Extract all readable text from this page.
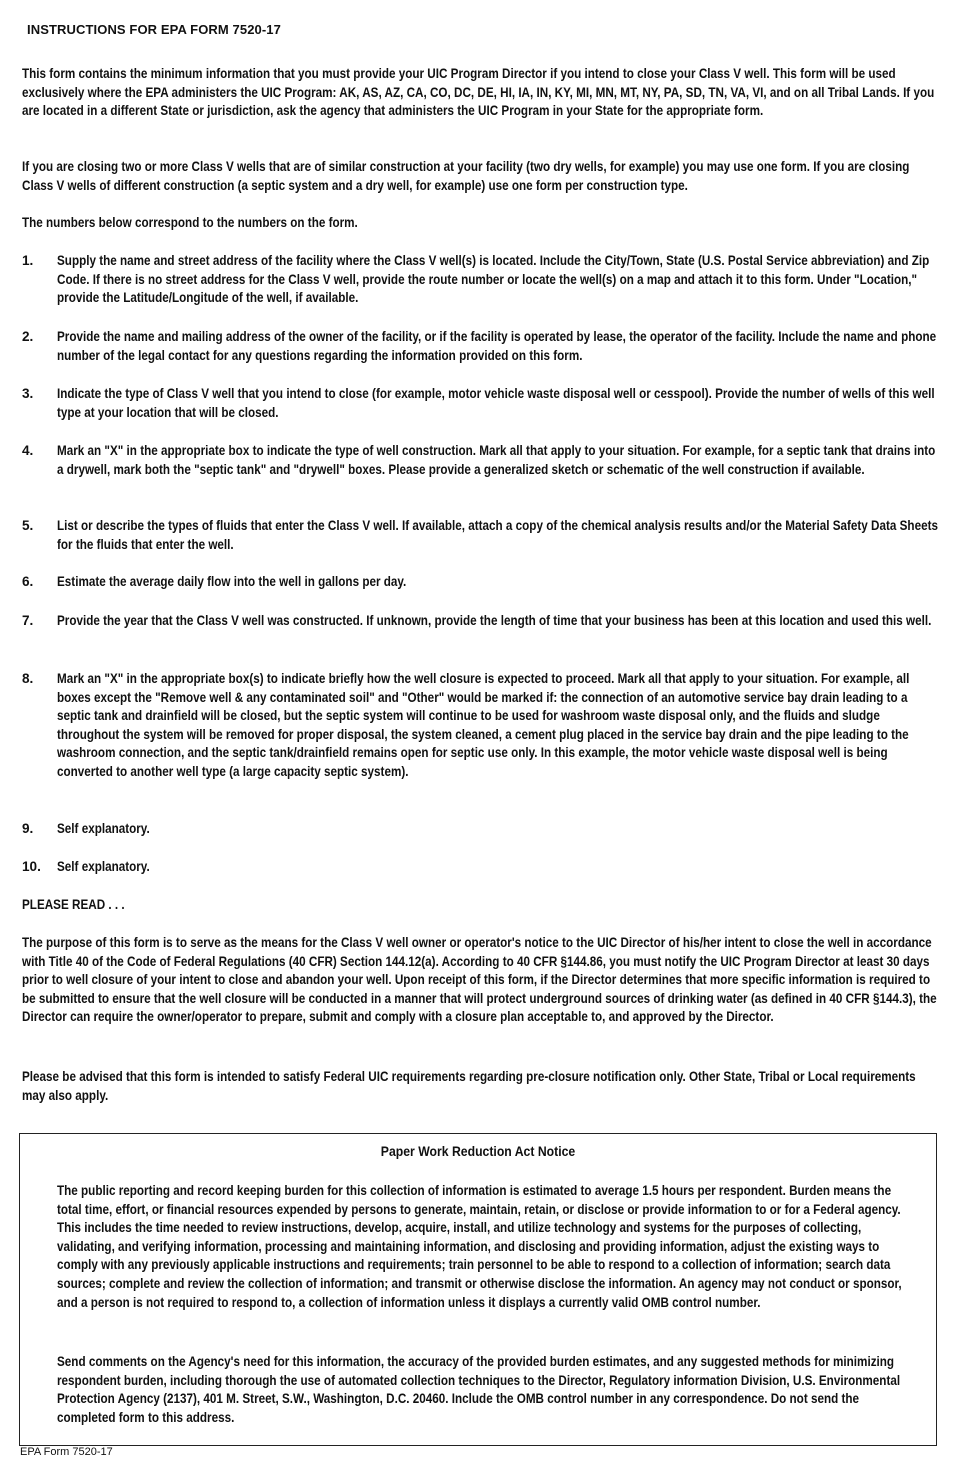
INSTRUCTIONS FOR EPA FORM 7520-17
This form contains the minimum information that you must provide your UIC Program Director if you intend to close your Class V well. This form will be used exclusively where the EPA administers the UIC Program: AK, AS, AZ, CA, CO, DC, DE, HI, IA, IN, KY, MI, MN, MT, NY, PA, SD, TN, VA, VI, and on all Tribal Lands. If you are located in a different State or jurisdiction, ask the agency that administers the UIC Program in your State for the appropriate form.
If you are closing two or more Class V wells that are of similar construction at your facility (two dry wells, for example) you may use one form. If you are closing Class V wells of different construction (a septic system and a dry well, for example) use one form per construction type.
The numbers below correspond to the numbers on the form.
1. Supply the name and street address of the facility where the Class V well(s) is located. Include the City/Town, State (U.S. Postal Service abbreviation) and Zip Code. If there is no street address for the Class V well, provide the route number or locate the well(s) on a map and attach it to this form. Under "Location," provide the Latitude/Longitude of the well, if available.
2. Provide the name and mailing address of the owner of the facility, or if the facility is operated by lease, the operator of the facility. Include the name and phone number of the legal contact for any questions regarding the information provided on this form.
3. Indicate the type of Class V well that you intend to close (for example, motor vehicle waste disposal well or cesspool). Provide the number of wells of this well type at your location that will be closed.
4. Mark an "X" in the appropriate box to indicate the type of well construction. Mark all that apply to your situation. For example, for a septic tank that drains into a drywell, mark both the "septic tank" and "drywell" boxes. Please provide a generalized sketch or schematic of the well construction if available.
5. List or describe the types of fluids that enter the Class V well. If available, attach a copy of the chemical analysis results and/or the Material Safety Data Sheets for the fluids that enter the well.
6. Estimate the average daily flow into the well in gallons per day.
7. Provide the year that the Class V well was constructed. If unknown, provide the length of time that your business has been at this location and used this well.
8. Mark an "X" in the appropriate box(s) to indicate briefly how the well closure is expected to proceed. Mark all that apply to your situation. For example, all boxes except the "Remove well & any contaminated soil" and "Other" would be marked if: the connection of an automotive service bay drain leading to a septic tank and drainfield will be closed, but the septic system will continue to be used for washroom waste disposal only, and the fluids and sludge throughout the system will be removed for proper disposal, the system cleaned, a cement plug placed in the service bay drain and the pipe leading to the washroom connection, and the septic tank/drainfield remains open for septic use only. In this example, the motor vehicle waste disposal well is being converted to another well type (a large capacity septic system).
9. Self explanatory.
10. Self explanatory.
PLEASE READ . . .
The purpose of this form is to serve as the means for the Class V well owner or operator's notice to the UIC Director of his/her intent to close the well in accordance with Title 40 of the Code of Federal Regulations (40 CFR) Section 144.12(a). According to 40 CFR §144.86, you must notify the UIC Program Director at least 30 days prior to well closure of your intent to close and abandon your well. Upon receipt of this form, if the Director determines that more specific information is required to be submitted to ensure that the well closure will be conducted in a manner that will protect underground sources of drinking water (as defined in 40 CFR §144.3), the Director can require the owner/operator to prepare, submit and comply with a closure plan acceptable to, and approved by the Director.
Please be advised that this form is intended to satisfy Federal UIC requirements regarding pre-closure notification only. Other State, Tribal or Local requirements may also apply.
Paper Work Reduction Act Notice
The public reporting and record keeping burden for this collection of information is estimated to average 1.5 hours per respondent. Burden means the total time, effort, or financial resources expended by persons to generate, maintain, retain, or disclose or provide information to or for a Federal agency. This includes the time needed to review instructions, develop, acquire, install, and utilize technology and systems for the purposes of collecting, validating, and verifying information, processing and maintaining information, and disclosing and providing information, adjust the existing ways to comply with any previously applicable instructions and requirements; train personnel to be able to respond to a collection of information; search data sources; complete and review the collection of information; and transmit or otherwise disclose the information. An agency may not conduct or sponsor, and a person is not required to respond to, a collection of information unless it displays a currently valid OMB control number.
Send comments on the Agency's need for this information, the accuracy of the provided burden estimates, and any suggested methods for minimizing respondent burden, including thorough the use of automated collection techniques to the Director, Regulatory information Division, U.S. Environmental Protection Agency (2137), 401 M. Street, S.W., Washington, D.C. 20460. Include the OMB control number in any correspondence. Do not send the completed form to this address.
EPA Form 7520-17
